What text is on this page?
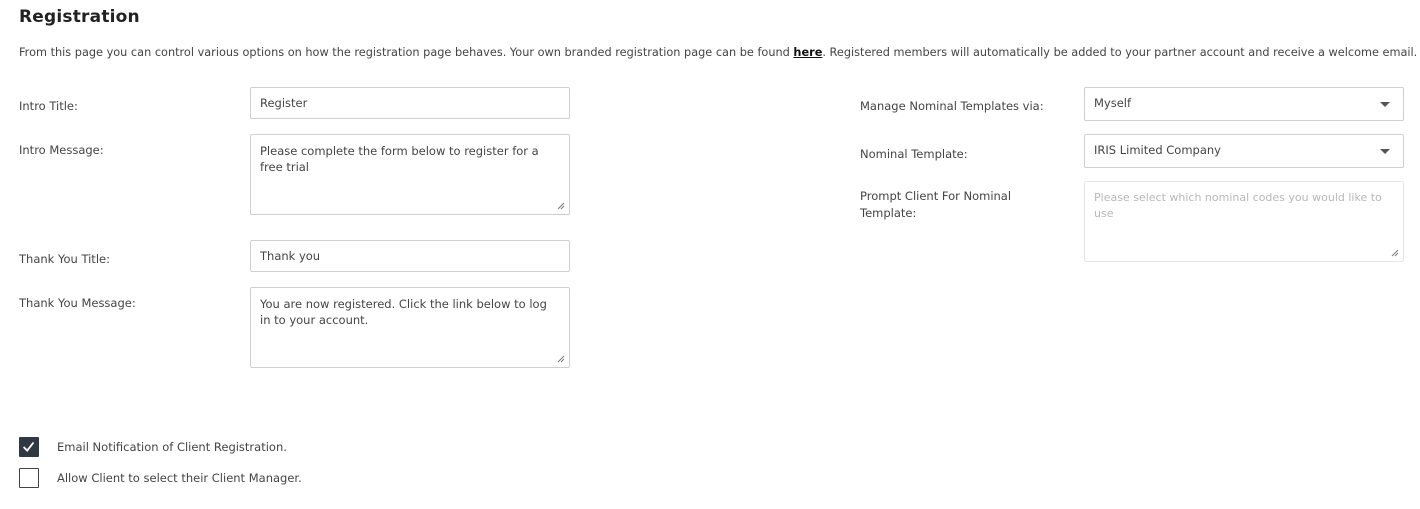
Registration
From this page you can control various options on how the registration page behaves. Your own branded registration page can be found here. Registered members will automatically be added to your partner account and receive a welcome email.
Intro Title:	Register
Intro Message:	Please complete the form below to register for a free trial
Thank You Title:	Thank you
Thank You Message:	You are now registered. Click the link below to log in to your account.
Manage Nominal Templates via:	Myself
Nominal Template:	IRIS Limited Company
Prompt Client For Nominal Template:
Please select which nominal codes you would like to use
Email Notification of Client Registration.
Allow Client to select their Client Manager.
